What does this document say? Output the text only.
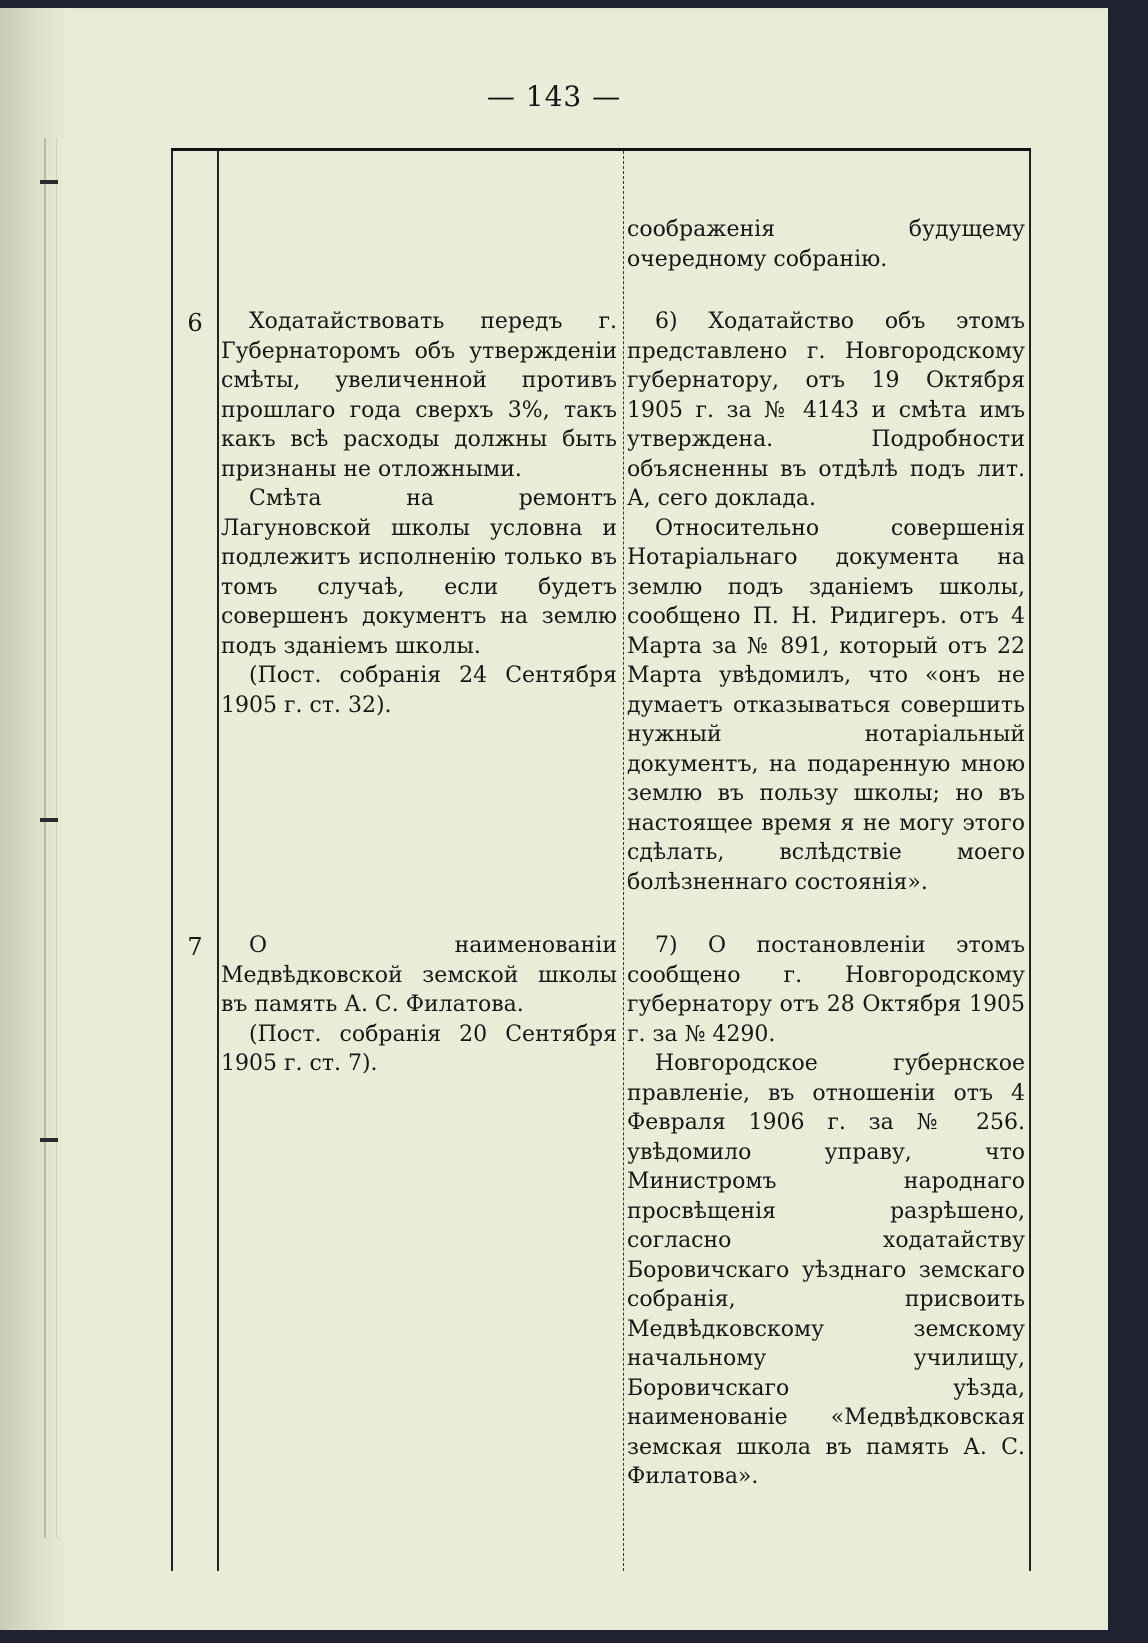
— 143 —

соображенія будущему очередному собранію.

6	Ходатайствовать передъ г. Губернаторомъ объ утвержденіи смѣты, увеличенной противъ прошлаго года сверхъ 3%, такъ какъ всѣ расходы должны быть признаны не отложными.

Смѣта на ремонтъ Лагуновской школы условна и подлежитъ исполненію только въ томъ случаѣ, если будетъ совершенъ документъ на землю подъ зданіемъ школы.

(Пост. собранія 24 Сентября 1905 г. ст. 32).

6) Ходатайство объ этомъ представлено г. Новгородскому губернатору, отъ 19 Октября 1905 г. за № 4143 и смѣта имъ утверждена. Подробности объясненны въ отдѣлѣ подъ лит. А, сего доклада.

Относительно совершенія Нотаріальнаго документа на землю подъ зданіемъ школы, сообщено П. Н. Ридигеръ. отъ 4 Марта за № 891, который отъ 22 Марта увѣдомилъ, что «онъ не думаетъ отказываться совершить нужный нотаріальный документъ, на подаренную мною землю въ пользу школы; но въ настоящее время я не могу этого сдѣлать, вслѣдствіе моего болѣзненнаго состоянія».

7	О наименованіи Медвѣдковской земской школы въ память А. С. Филатова.

(Пост. собранія 20 Сентября 1905 г. ст. 7).

7) О постановленіи этомъ сообщено г. Новгородскому губернатору отъ 28 Октября 1905 г. за № 4290.

Новгородское губернское правленіе, въ отношеніи отъ 4 Февраля 1906 г. за № 256. увѣдомило управу, что Министромъ народнаго просвѣщенія разрѣшено, согласно ходатайству Боровичскаго уѣзднаго земскаго собранія, присвоить Медвѣдковскому земскому начальному училищу, Боровичскаго уѣзда, наименованіе «Медвѣдковская земская школа въ память А. С. Филатова».
